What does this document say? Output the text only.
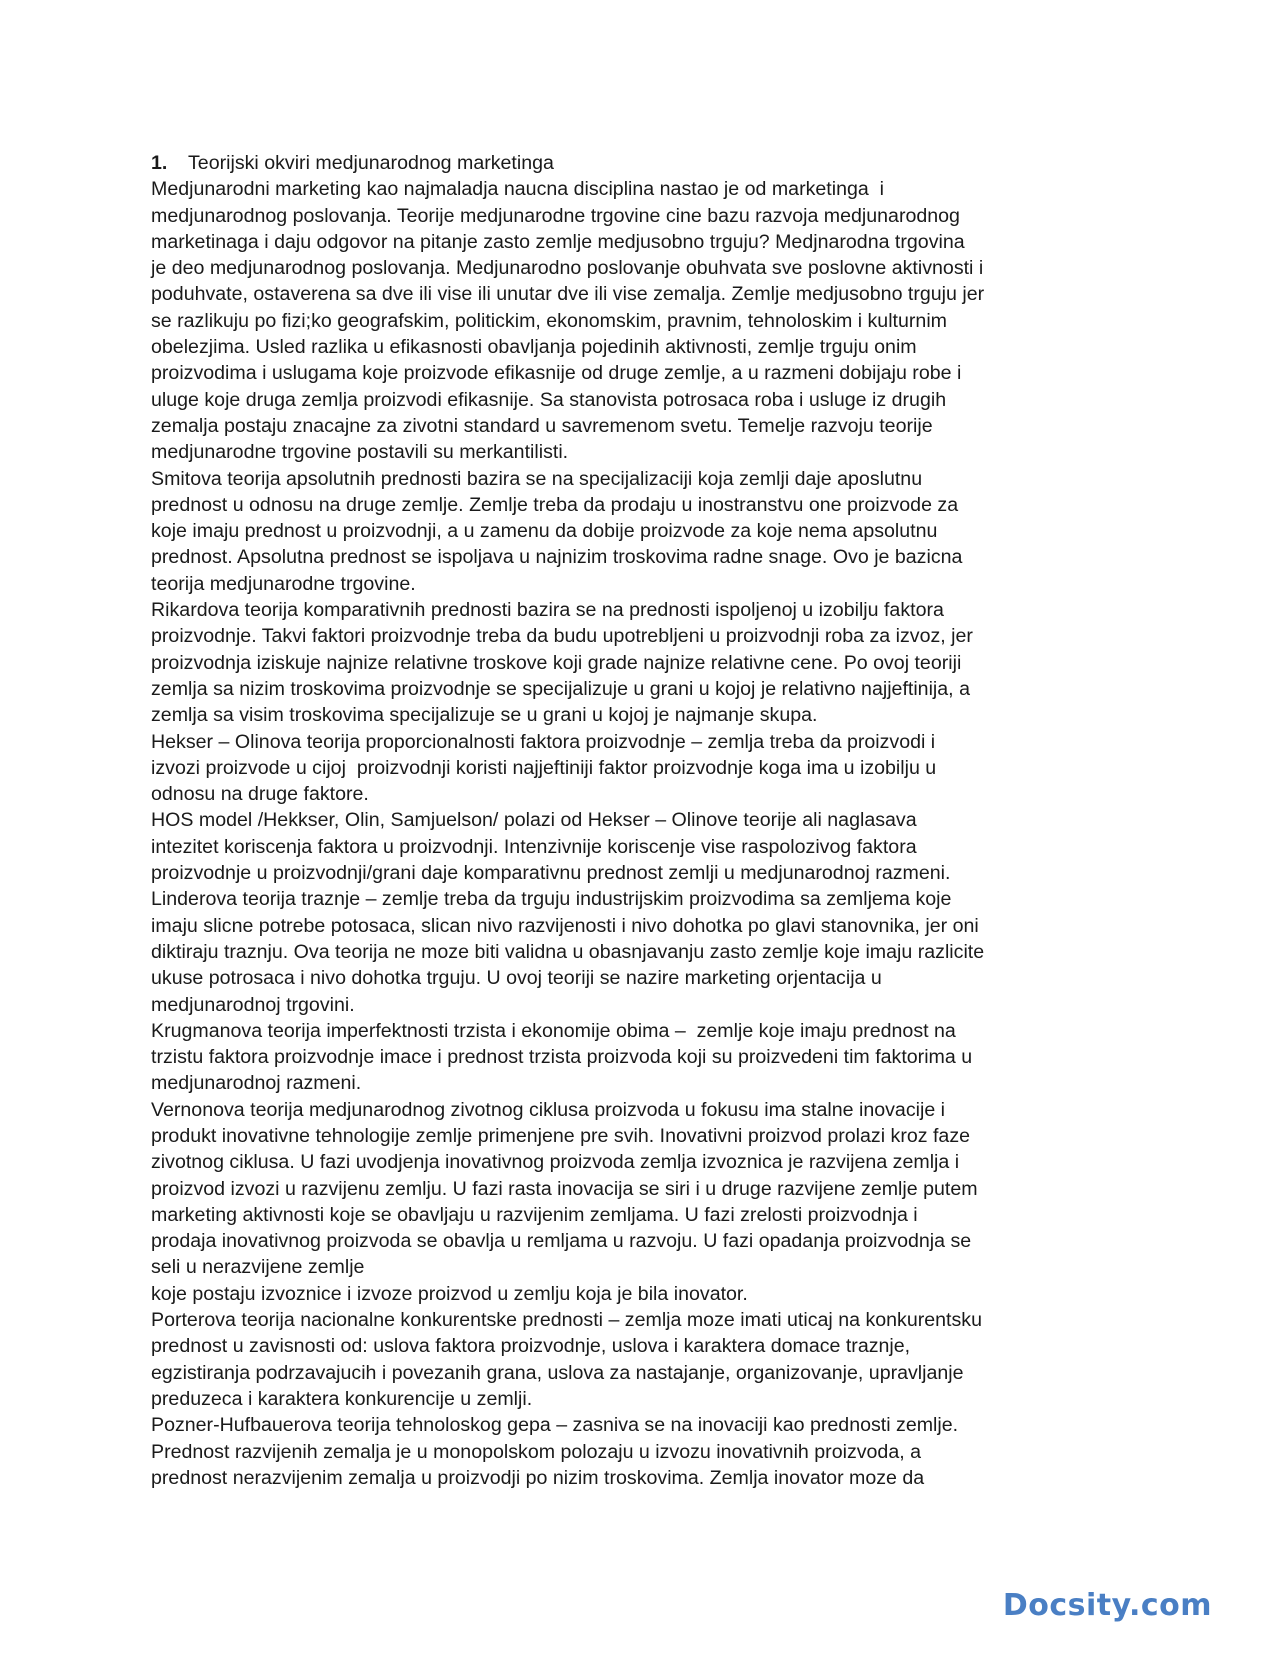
1.	Teorijski okviri medjunarodnog marketinga
Medjunarodni marketing kao najmaladja naucna disciplina nastao je od marketinga  i
medjunarodnog poslovanja. Teorije medjunarodne trgovine cine bazu razvoja medjunarodnog
marketinaga i daju odgovor na pitanje zasto zemlje medjusobno trguju? Medjnarodna trgovina
je deo medjunarodnog poslovanja. Medjunarodno poslovanje obuhvata sve poslovne aktivnosti i
poduhvate, ostaverena sa dve ili vise ili unutar dve ili vise zemalja. Zemlje medjusobno trguju jer
se razlikuju po fizi;ko geografskim, politickim, ekonomskim, pravnim, tehnoloskim i kulturnim
obelezjima. Usled razlika u efikasnosti obavljanja pojedinih aktivnosti, zemlje trguju onim
proizvodima i uslugama koje proizvode efikasnije od druge zemlje, a u razmeni dobijaju robe i
uluge koje druga zemlja proizvodi efikasnije. Sa stanovista potrosaca roba i usluge iz drugih
zemalja postaju znacajne za zivotni standard u savremenom svetu. Temelje razvoju teorije
medjunarodne trgovine postavili su merkantilisti.
Smitova teorija apsolutnih prednosti bazira se na specijalizaciji koja zemlji daje aposlutnu
prednost u odnosu na druge zemlje. Zemlje treba da prodaju u inostranstvu one proizvode za
koje imaju prednost u proizvodnji, a u zamenu da dobije proizvode za koje nema apsolutnu
prednost. Apsolutna prednost se ispoljava u najnizim troskovima radne snage. Ovo je bazicna
teorija medjunarodne trgovine.
Rikardova teorija komparativnih prednosti bazira se na prednosti ispoljenoj u izobilju faktora
proizvodnje. Takvi faktori proizvodnje treba da budu upotrebljeni u proizvodnji roba za izvoz, jer
proizvodnja iziskuje najnize relativne troskove koji grade najnize relativne cene. Po ovoj teoriji
zemlja sa nizim troskovima proizvodnje se specijalizuje u grani u kojoj je relativno najjeftinija, a
zemlja sa visim troskovima specijalizuje se u grani u kojoj je najmanje skupa.
Hekser – Olinova teorija proporcionalnosti faktora proizvodnje – zemlja treba da proizvodi i
izvozi proizvode u cijoj  proizvodnji koristi najjeftiniji faktor proizvodnje koga ima u izobilju u
odnosu na druge faktore.
HOS model /Hekkser, Olin, Samjuelson/ polazi od Hekser – Olinove teorije ali naglasava
intezitet koriscenja faktora u proizvodnji. Intenzivnije koriscenje vise raspolozivog faktora
proizvodnje u proizvodnji/grani daje komparativnu prednost zemlji u medjunarodnoj razmeni.
Linderova teorija traznje – zemlje treba da trguju industrijskim proizvodima sa zemljema koje
imaju slicne potrebe potosaca, slican nivo razvijenosti i nivo dohotka po glavi stanovnika, jer oni
diktiraju traznju. Ova teorija ne moze biti validna u obasnjavanju zasto zemlje koje imaju razlicite
ukuse potrosaca i nivo dohotka trguju. U ovoj teoriji se nazire marketing orjentacija u
medjunarodnoj trgovini.
Krugmanova teorija imperfektnosti trzista i ekonomije obima –  zemlje koje imaju prednost na
trzistu faktora proizvodnje imace i prednost trzista proizvoda koji su proizvedeni tim faktorima u
medjunarodnoj razmeni.
Vernonova teorija medjunarodnog zivotnog ciklusa proizvoda u fokusu ima stalne inovacije i
produkt inovativne tehnologije zemlje primenjene pre svih. Inovativni proizvod prolazi kroz faze
zivotnog ciklusa. U fazi uvodjenja inovativnog proizvoda zemlja izvoznica je razvijena zemlja i
proizvod izvozi u razvijenu zemlju. U fazi rasta inovacija se siri i u druge razvijene zemlje putem
marketing aktivnosti koje se obavljaju u razvijenim zemljama. U fazi zrelosti proizvodnja i
prodaja inovativnog proizvoda se obavlja u remljama u razvoju. U fazi opadanja proizvodnja se
seli u nerazvijene zemlje
koje postaju izvoznice i izvoze proizvod u zemlju koja je bila inovator.
Porterova teorija nacionalne konkurentske prednosti – zemlja moze imati uticaj na konkurentsku
prednost u zavisnosti od: uslova faktora proizvodnje, uslova i karaktera domace traznje,
egzistiranja podrzavajucih i povezanih grana, uslova za nastajanje, organizovanje, upravljanje
preduzeca i karaktera konkurencije u zemlji.
Pozner-Hufbauerova teorija tehnoloskog gepa – zasniva se na inovaciji kao prednosti zemlje.
Prednost razvijenih zemalja je u monopolskom polozaju u izvozu inovativnih proizvoda, a
prednost nerazvijenim zemalja u proizvodji po nizim troskovima. Zemlja inovator moze da
Docsity.com
